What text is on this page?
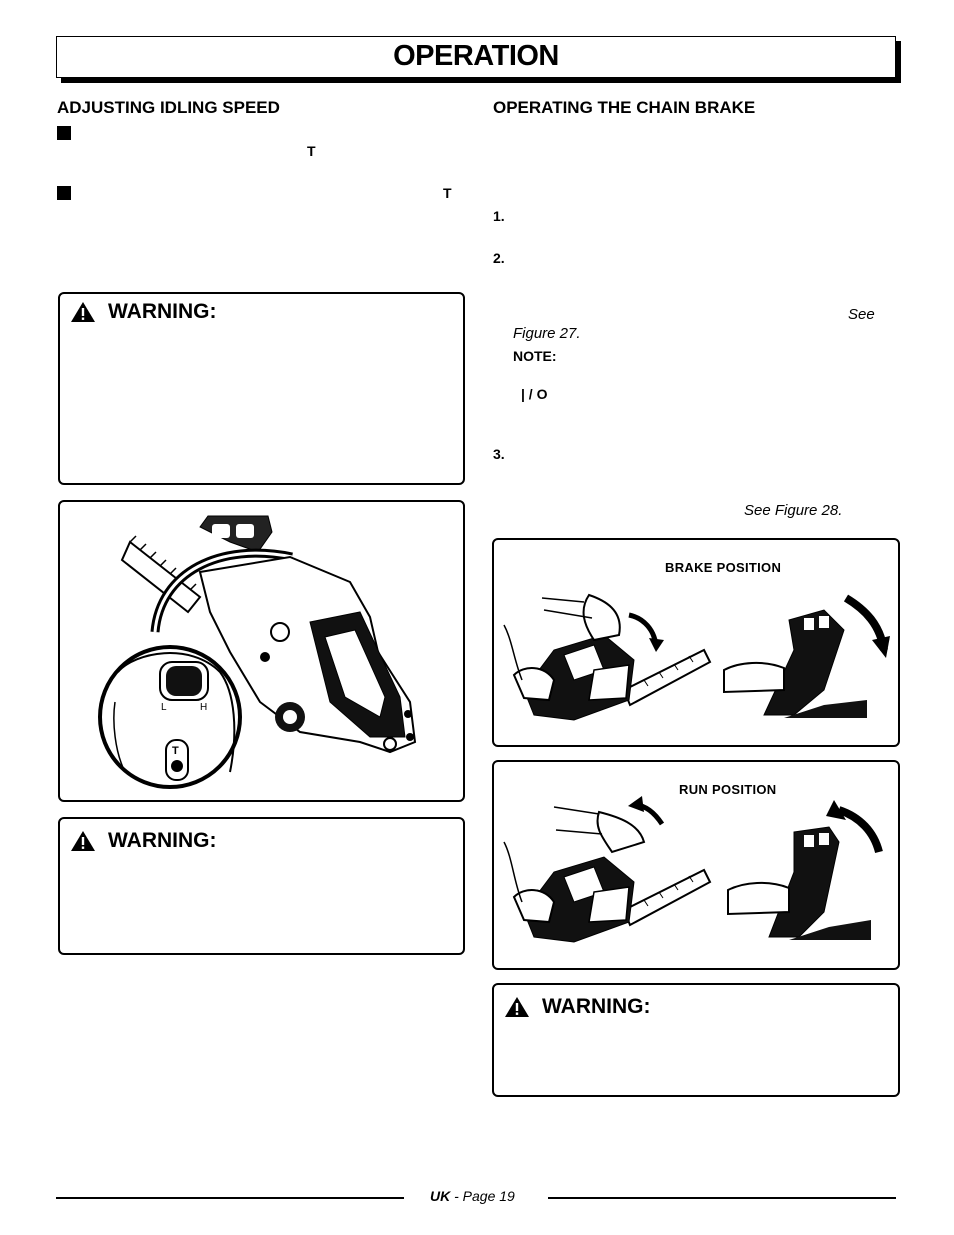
OPERATION
ADJUSTING IDLING SPEED
T
T
WARNING:
L	H
T
WARNING:
OPERATING THE CHAIN BRAKE
1.
2.
See
Figure 27.
NOTE:
| / O
3.
See Figure 28.
BRAKE POSITION
RUN POSITION
WARNING:
UK - Page 19
